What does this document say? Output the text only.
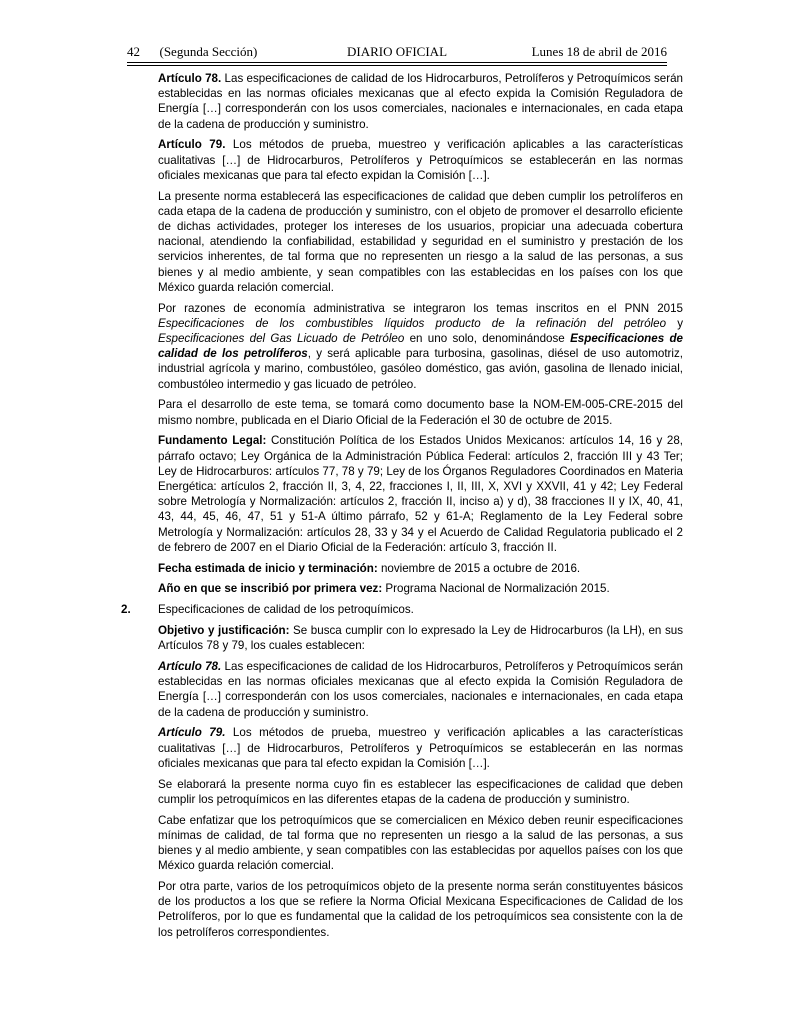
42      (Segunda Sección)	DIARIO OFICIAL	Lunes 18 de abril de 2016

Artículo 78. Las especificaciones de calidad de los Hidrocarburos, Petrolíferos y Petroquímicos serán establecidas en las normas oficiales mexicanas que al efecto expida la Comisión Reguladora de Energía […] corresponderán con los usos comerciales, nacionales e internacionales, en cada etapa de la cadena de producción y suministro.

Artículo 79. Los métodos de prueba, muestreo y verificación aplicables a las características cualitativas […] de Hidrocarburos, Petrolíferos y Petroquímicos se establecerán en las normas oficiales mexicanas que para tal efecto expidan la Comisión […].

La presente norma establecerá las especificaciones de calidad que deben cumplir los petrolíferos en cada etapa de la cadena de producción y suministro, con el objeto de promover el desarrollo eficiente de dichas actividades, proteger los intereses de los usuarios, propiciar una adecuada cobertura nacional, atendiendo la confiabilidad, estabilidad y seguridad en el suministro y prestación de los servicios inherentes, de tal forma que no representen un riesgo a la salud de las personas, a sus bienes y al medio ambiente, y sean compatibles con las establecidas en los países con los que México guarda relación comercial.

Por razones de economía administrativa se integraron los temas inscritos en el PNN 2015 Especificaciones de los combustibles líquidos producto de la refinación del petróleo y Especificaciones del Gas Licuado de Petróleo en uno solo, denominándose Especificaciones de calidad de los petrolíferos, y será aplicable para turbosina, gasolinas, diésel de uso automotriz, industrial agrícola y marino, combustóleo, gasóleo doméstico, gas avión, gasolina de llenado inicial, combustóleo intermedio y gas licuado de petróleo.

Para el desarrollo de este tema, se tomará como documento base la NOM-EM-005-CRE-2015 del mismo nombre, publicada en el Diario Oficial de la Federación el 30 de octubre de 2015.

Fundamento Legal: Constitución Política de los Estados Unidos Mexicanos: artículos 14, 16 y 28, párrafo octavo; Ley Orgánica de la Administración Pública Federal: artículos 2, fracción III y 43 Ter; Ley de Hidrocarburos: artículos 77, 78 y 79; Ley de los Órganos Reguladores Coordinados en Materia Energética: artículos 2, fracción II, 3, 4, 22, fracciones I, II, III, X, XVI y XXVII, 41 y 42; Ley Federal sobre Metrología y Normalización: artículos 2, fracción II, inciso a) y d), 38 fracciones II y IX, 40, 41, 43, 44, 45, 46, 47, 51 y 51-A último párrafo, 52 y 61-A; Reglamento de la Ley Federal sobre Metrología y Normalización: artículos 28, 33 y 34 y el Acuerdo de Calidad Regulatoria publicado el 2 de febrero de 2007 en el Diario Oficial de la Federación: artículo 3, fracción II.

Fecha estimada de inicio y terminación: noviembre de 2015 a octubre de 2016.

Año en que se inscribió por primera vez: Programa Nacional de Normalización 2015.

2. Especificaciones de calidad de los petroquímicos.

Objetivo y justificación: Se busca cumplir con lo expresado la Ley de Hidrocarburos (la LH), en sus Artículos 78 y 79, los cuales establecen:

Artículo 78. Las especificaciones de calidad de los Hidrocarburos, Petrolíferos y Petroquímicos serán establecidas en las normas oficiales mexicanas que al efecto expida la Comisión Reguladora de Energía […] corresponderán con los usos comerciales, nacionales e internacionales, en cada etapa de la cadena de producción y suministro.

Artículo 79. Los métodos de prueba, muestreo y verificación aplicables a las características cualitativas […] de Hidrocarburos, Petrolíferos y Petroquímicos se establecerán en las normas oficiales mexicanas que para tal efecto expidan la Comisión […].

Se elaborará la presente norma cuyo fin es establecer las especificaciones de calidad que deben cumplir los petroquímicos en las diferentes etapas de la cadena de producción y suministro.

Cabe enfatizar que los petroquímicos que se comercialicen en México deben reunir especificaciones mínimas de calidad, de tal forma que no representen un riesgo a la salud de las personas, a sus bienes y al medio ambiente, y sean compatibles con las establecidas por aquellos países con los que México guarda relación comercial.

Por otra parte, varios de los petroquímicos objeto de la presente norma serán constituyentes básicos de los productos a los que se refiere la Norma Oficial Mexicana Especificaciones de Calidad de los Petrolíferos, por lo que es fundamental que la calidad de los petroquímicos sea consistente con la de los petrolíferos correspondientes.
